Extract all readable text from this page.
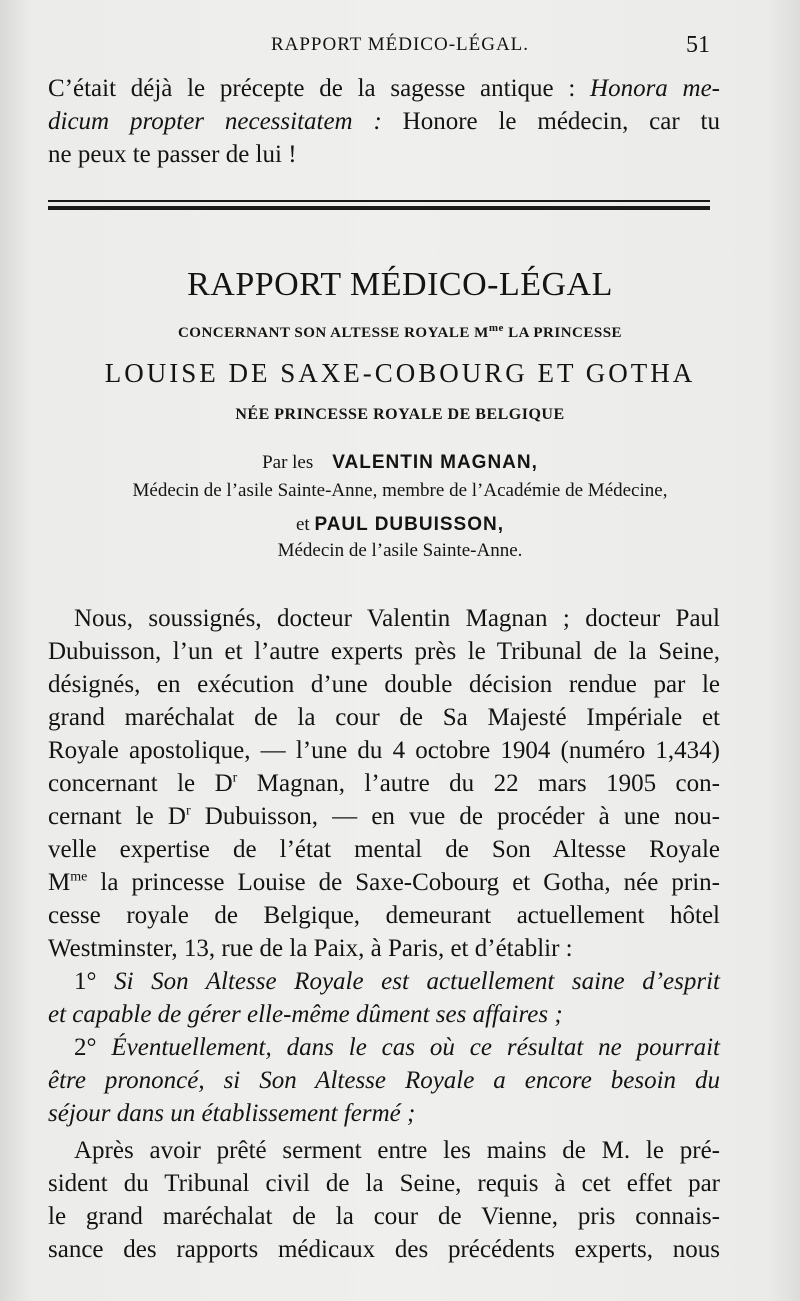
RAPPORT MÉDICO-LÉGAL.	51
C’était déjà le précepte de la sagesse antique : Honora me-
dicum propter necessitatem : Honore le médecin, car tu
ne peux te passer de lui !
RAPPORT MÉDICO-LÉGAL
CONCERNANT SON ALTESSE ROYALE $M^{me}$ LA PRINCESSE
LOUISE DE SAXE-COBOURG ET GOTHA
NÉE PRINCESSE ROYALE DE BELGIQUE
Par les VALENTIN MAGNAN,
Médecin de l’asile Sainte-Anne, membre de l’Académie de Médecine,
et PAUL DUBUISSON,
Médecin de l’asile Sainte-Anne.
Nous, soussignés, docteur Valentin Magnan ; docteur Paul
Dubuisson, l’un et l’autre experts près le Tribunal de la Seine,
désignés, en exécution d’une double décision rendue par le
grand maréchalat de la cour de Sa Majesté Impériale et
Royale apostolique, — l’une du 4 octobre 1904 (numéro 1,434)
concernant le $D^r$ Magnan, l’autre du 22 mars 1905 con-
cernant le $D^r$ Dubuisson, — en vue de procéder à une nou-
velle expertise de l’état mental de Son Altesse Royale
$M^{me}$ la princesse Louise de Saxe-Cobourg et Gotha, née prin-
cesse royale de Belgique, demeurant actuellement hôtel
Westminster, 13, rue de la Paix, à Paris, et d’établir :
1° Si Son Altesse Royale est actuellement saine d’esprit
et capable de gérer elle-même dûment ses affaires ;
2° Éventuellement, dans le cas où ce résultat ne pourrait
être prononcé, si Son Altesse Royale a encore besoin du
séjour dans un établissement fermé ;
Après avoir prêté serment entre les mains de M. le pré-
sident du Tribunal civil de la Seine, requis à cet effet par
le grand maréchalat de la cour de Vienne, pris connais-
sance des rapports médicaux des précédents experts, nous
